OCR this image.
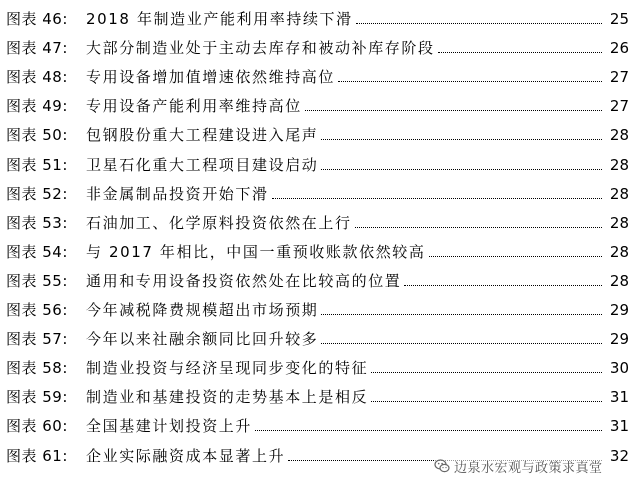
图表 46:	2018 年制造业产能利用率持续下滑	25
图表 47:	大部分制造业处于主动去库存和被动补库存阶段	26
图表 48:	专用设备增加值增速依然维持高位	27
图表 49:	专用设备产能利用率维持高位	27
图表 50:	包钢股份重大工程建设进入尾声	28
图表 51:	卫星石化重大工程项目建设启动	28
图表 52:	非金属制品投资开始下滑	28
图表 53:	石油加工、化学原料投资依然在上行	28
图表 54:	与 2017 年相比，中国一重预收账款依然较高	28
图表 55:	通用和专用设备投资依然处在比较高的位置	28
图表 56:	今年减税降费规模超出市场预期	29
图表 57:	今年以来社融余额同比回升较多	29
图表 58:	制造业投资与经济呈现同步变化的特征	30
图表 59:	制造业和基建投资的走势基本上是相反	31
图表 60:	全国基建计划投资上升	31
图表 61:	企业实际融资成本显著上升	32
边泉水宏观与政策求真堂
